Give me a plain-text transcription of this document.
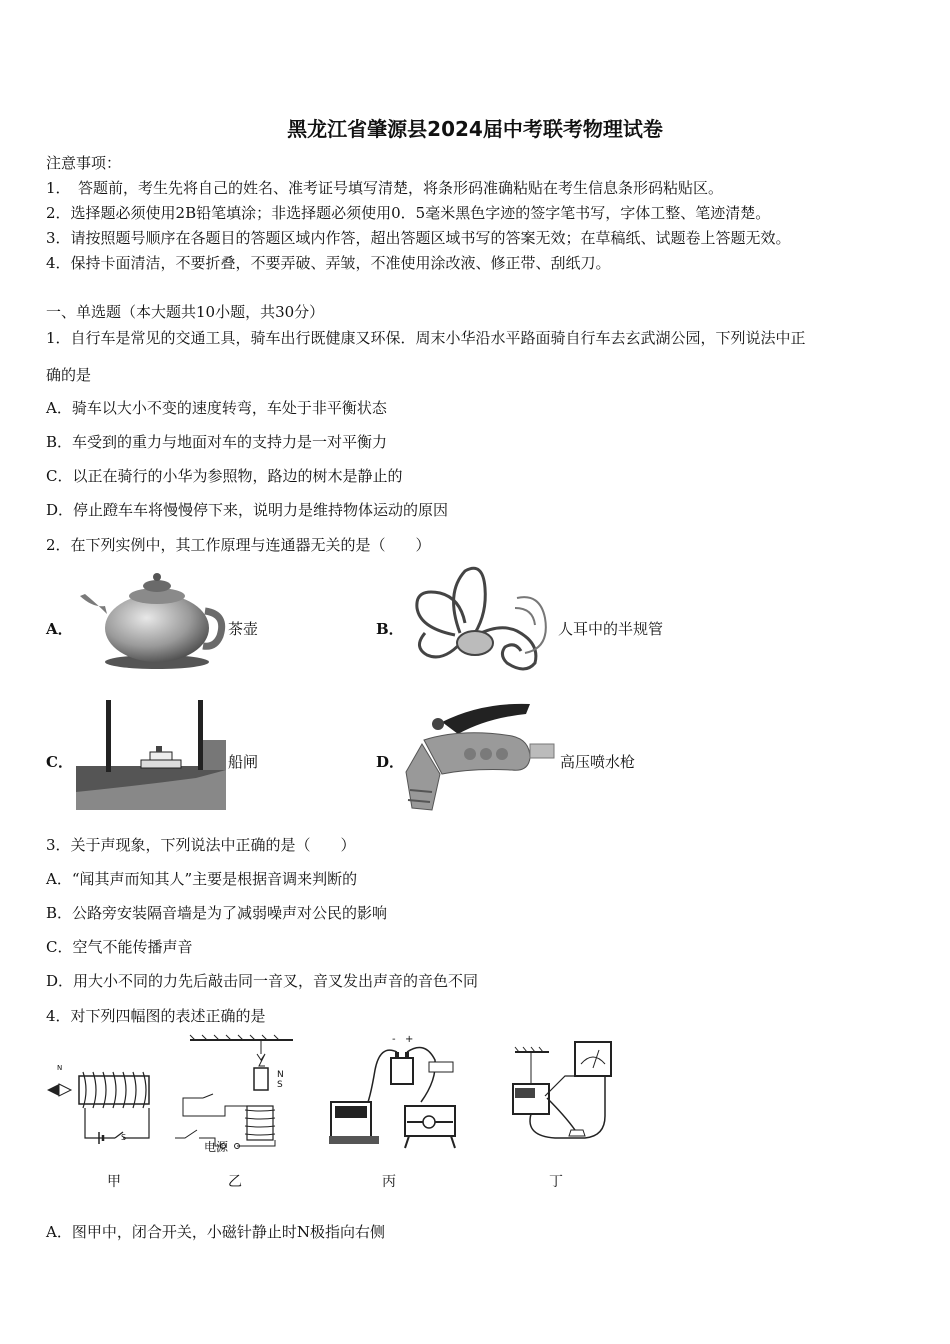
黑龙江省肇源县2024届中考联考物理试卷
注意事项：
1．　答题前，考生先将自己的姓名、准考证号填写清楚，将条形码准确粘贴在考生信息条形码粘贴区。
2．选择题必须使用2B铅笔填涂；非选择题必须使用0．5毫米黑色字迹的签字笔书写，字体工整、笔迹清楚。
3．请按照题号顺序在各题目的答题区域内作答，超出答题区域书写的答案无效；在草稿纸、试题卷上答题无效。
4．保持卡面清洁，不要折叠，不要弄破、弄皱，不准使用涂改液、修正带、刮纸刀。
一、单选题（本大题共10小题，共30分）
1．自行车是常见的交通工具，骑车出行既健康又环保．周末小华沿水平路面骑自行车去玄武湖公园，下列说法中正
确的是
A．骑车以大小不变的速度转弯，车处于非平衡状态
B．车受到的重力与地面对车的支持力是一对平衡力
C．以正在骑行的小华为参照物，路边的树木是静止的
D．停止蹬车车将慢慢停下来，说明力是维持物体运动的原因
2．在下列实例中，其工作原理与连通器无关的是（　　）
A．	茶壶	B．	人耳中的半规管
C．	船闸	D．	高压喷水枪
3．关于声现象，下列说法中正确的是（　　）
A．“闻其声而知其人”主要是根据音调来判断的
B．公路旁安装隔音墙是为了减弱噪声对公民的影响
C．空气不能传播声音
D．用大小不同的力先后敲击同一音叉，音叉发出声音的音色不同
4．对下列四幅图的表述正确的是
N
S
S
N
电源
- +
甲	乙	丙	丁
A．图甲中，闭合开关，小磁针静止时N极指向右侧
